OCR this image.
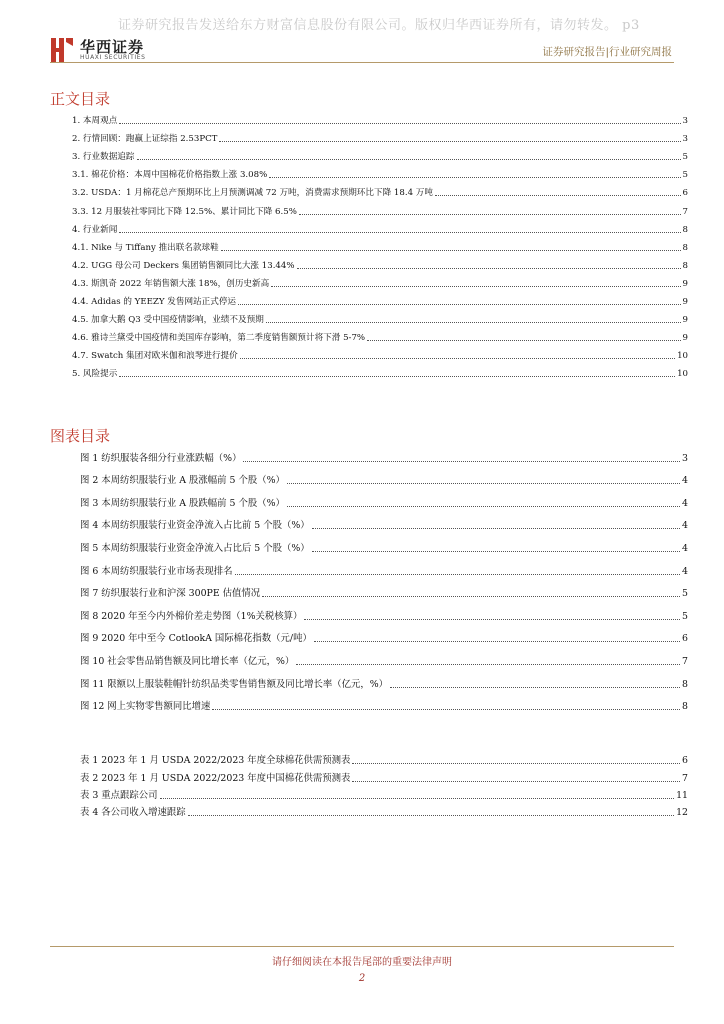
证券研究报告发送给东方财富信息股份有限公司。版权归华西证券所有，请勿转发。 p3
华西证券
HUAXI SECURITIES	证券研究报告|行业研究周报
正文目录
1. 本周观点	3
2. 行情回顾：跑赢上证综指 2.53PCT	3
3. 行业数据追踪	5
3.1. 棉花价格：本周中国棉花价格指数上涨 3.08%	5
3.2. USDA：1 月棉花总产预期环比上月预测调减 72 万吨，消费需求预期环比下降 18.4 万吨	6
3.3. 12 月服装社零同比下降 12.5%、累计同比下降 6.5%	7
4. 行业新闻	8
4.1. Nike 与 Tiffany 推出联名款球鞋	8
4.2. UGG 母公司 Deckers 集团销售额同比大涨 13.44%	8
4.3. 斯凯奇 2022 年销售额大涨 18%，创历史新高	9
4.4. Adidas 的 YEEZY 发售网站正式停运	9
4.5. 加拿大鹅 Q3 受中国疫情影响，业绩不及预期	9
4.6. 雅诗兰黛受中国疫情和美国库存影响，第二季度销售额预计将下滑 5-7%	9
4.7. Swatch 集团对欧米伽和浪琴进行提价	10
5. 风险提示	10
图表目录
图 1 纺织服装各细分行业涨跌幅（%）	3
图 2 本周纺织服装行业 A 股涨幅前 5 个股（%）	4
图 3 本周纺织服装行业 A 股跌幅前 5 个股（%）	4
图 4 本周纺织服装行业资金净流入占比前 5 个股（%）	4
图 5 本周纺织服装行业资金净流入占比后 5 个股（%）	4
图 6 本周纺织服装行业市场表现排名	4
图 7 纺织服装行业和沪深 300PE 估值情况	5
图 8 2020 年至今内外棉价差走势图（1%关税核算）	5
图 9 2020 年中至今 CotlookA 国际棉花指数（元/吨）	6
图 10 社会零售品销售额及同比增长率（亿元，%）	7
图 11 限额以上服装鞋帽针纺织品类零售销售额及同比增长率（亿元，%）	8
图 12 网上实物零售额同比增速	8
表 1 2023 年 1 月 USDA 2022/2023 年度全球棉花供需预测表	6
表 2 2023 年 1 月 USDA 2022/2023 年度中国棉花供需预测表	7
表 3 重点跟踪公司	11
表 4 各公司收入增速跟踪	12
请仔细阅读在本报告尾部的重要法律声明
2
